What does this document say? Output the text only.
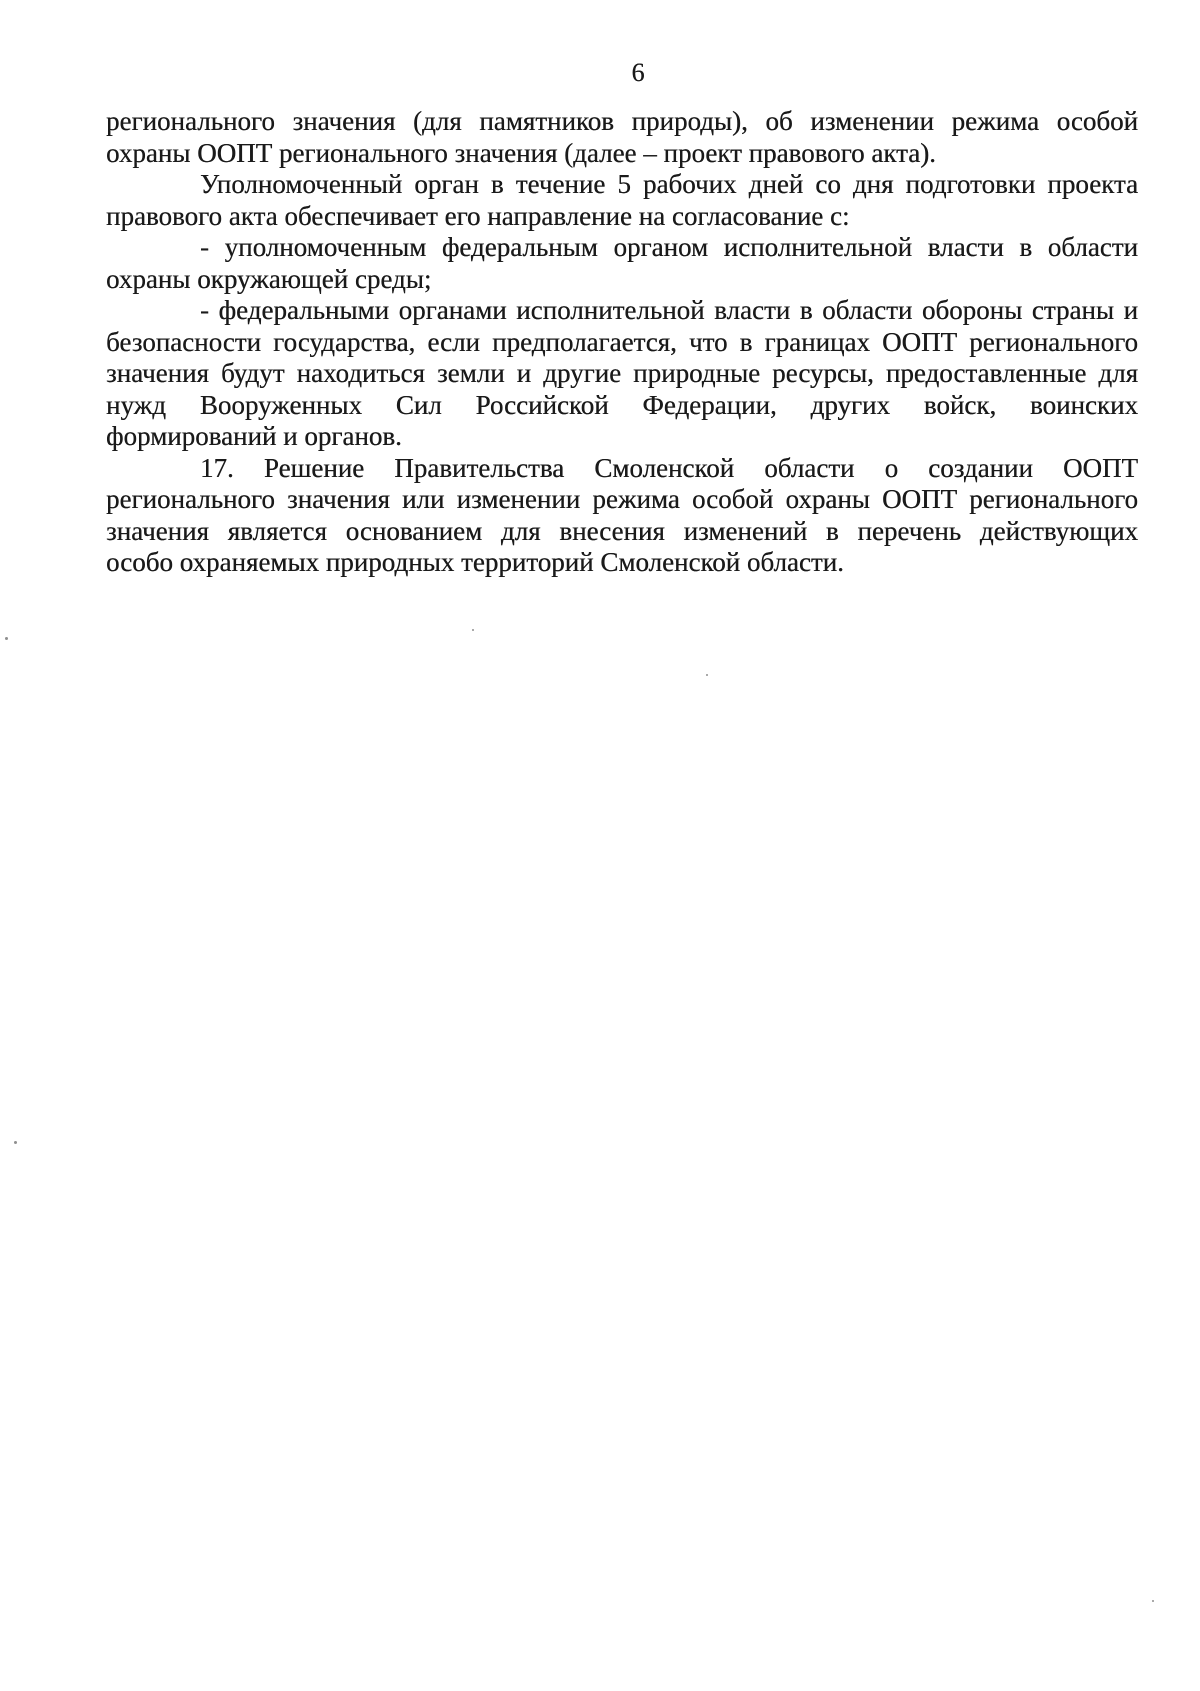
6
регионального значения (для памятников природы), об изменении режима особой
охраны ООПТ регионального значения (далее – проект правового акта).
Уполномоченный орган в течение 5 рабочих дней со дня подготовки проекта
правового акта обеспечивает его направление на согласование с:
- уполномоченным федеральным органом исполнительной власти в области
охраны окружающей среды;
- федеральными органами исполнительной власти в области обороны страны и
безопасности государства, если предполагается, что в границах ООПТ регионального
значения будут находиться земли и другие природные ресурсы, предоставленные для
нужд Вооруженных Сил Российской Федерации, других войск, воинских
формирований и органов.
17. Решение Правительства Смоленской области о создании ООПТ
регионального значения или изменении режима особой охраны ООПТ регионального
значения является основанием для внесения изменений в перечень действующих
особо охраняемых природных территорий Смоленской области.
